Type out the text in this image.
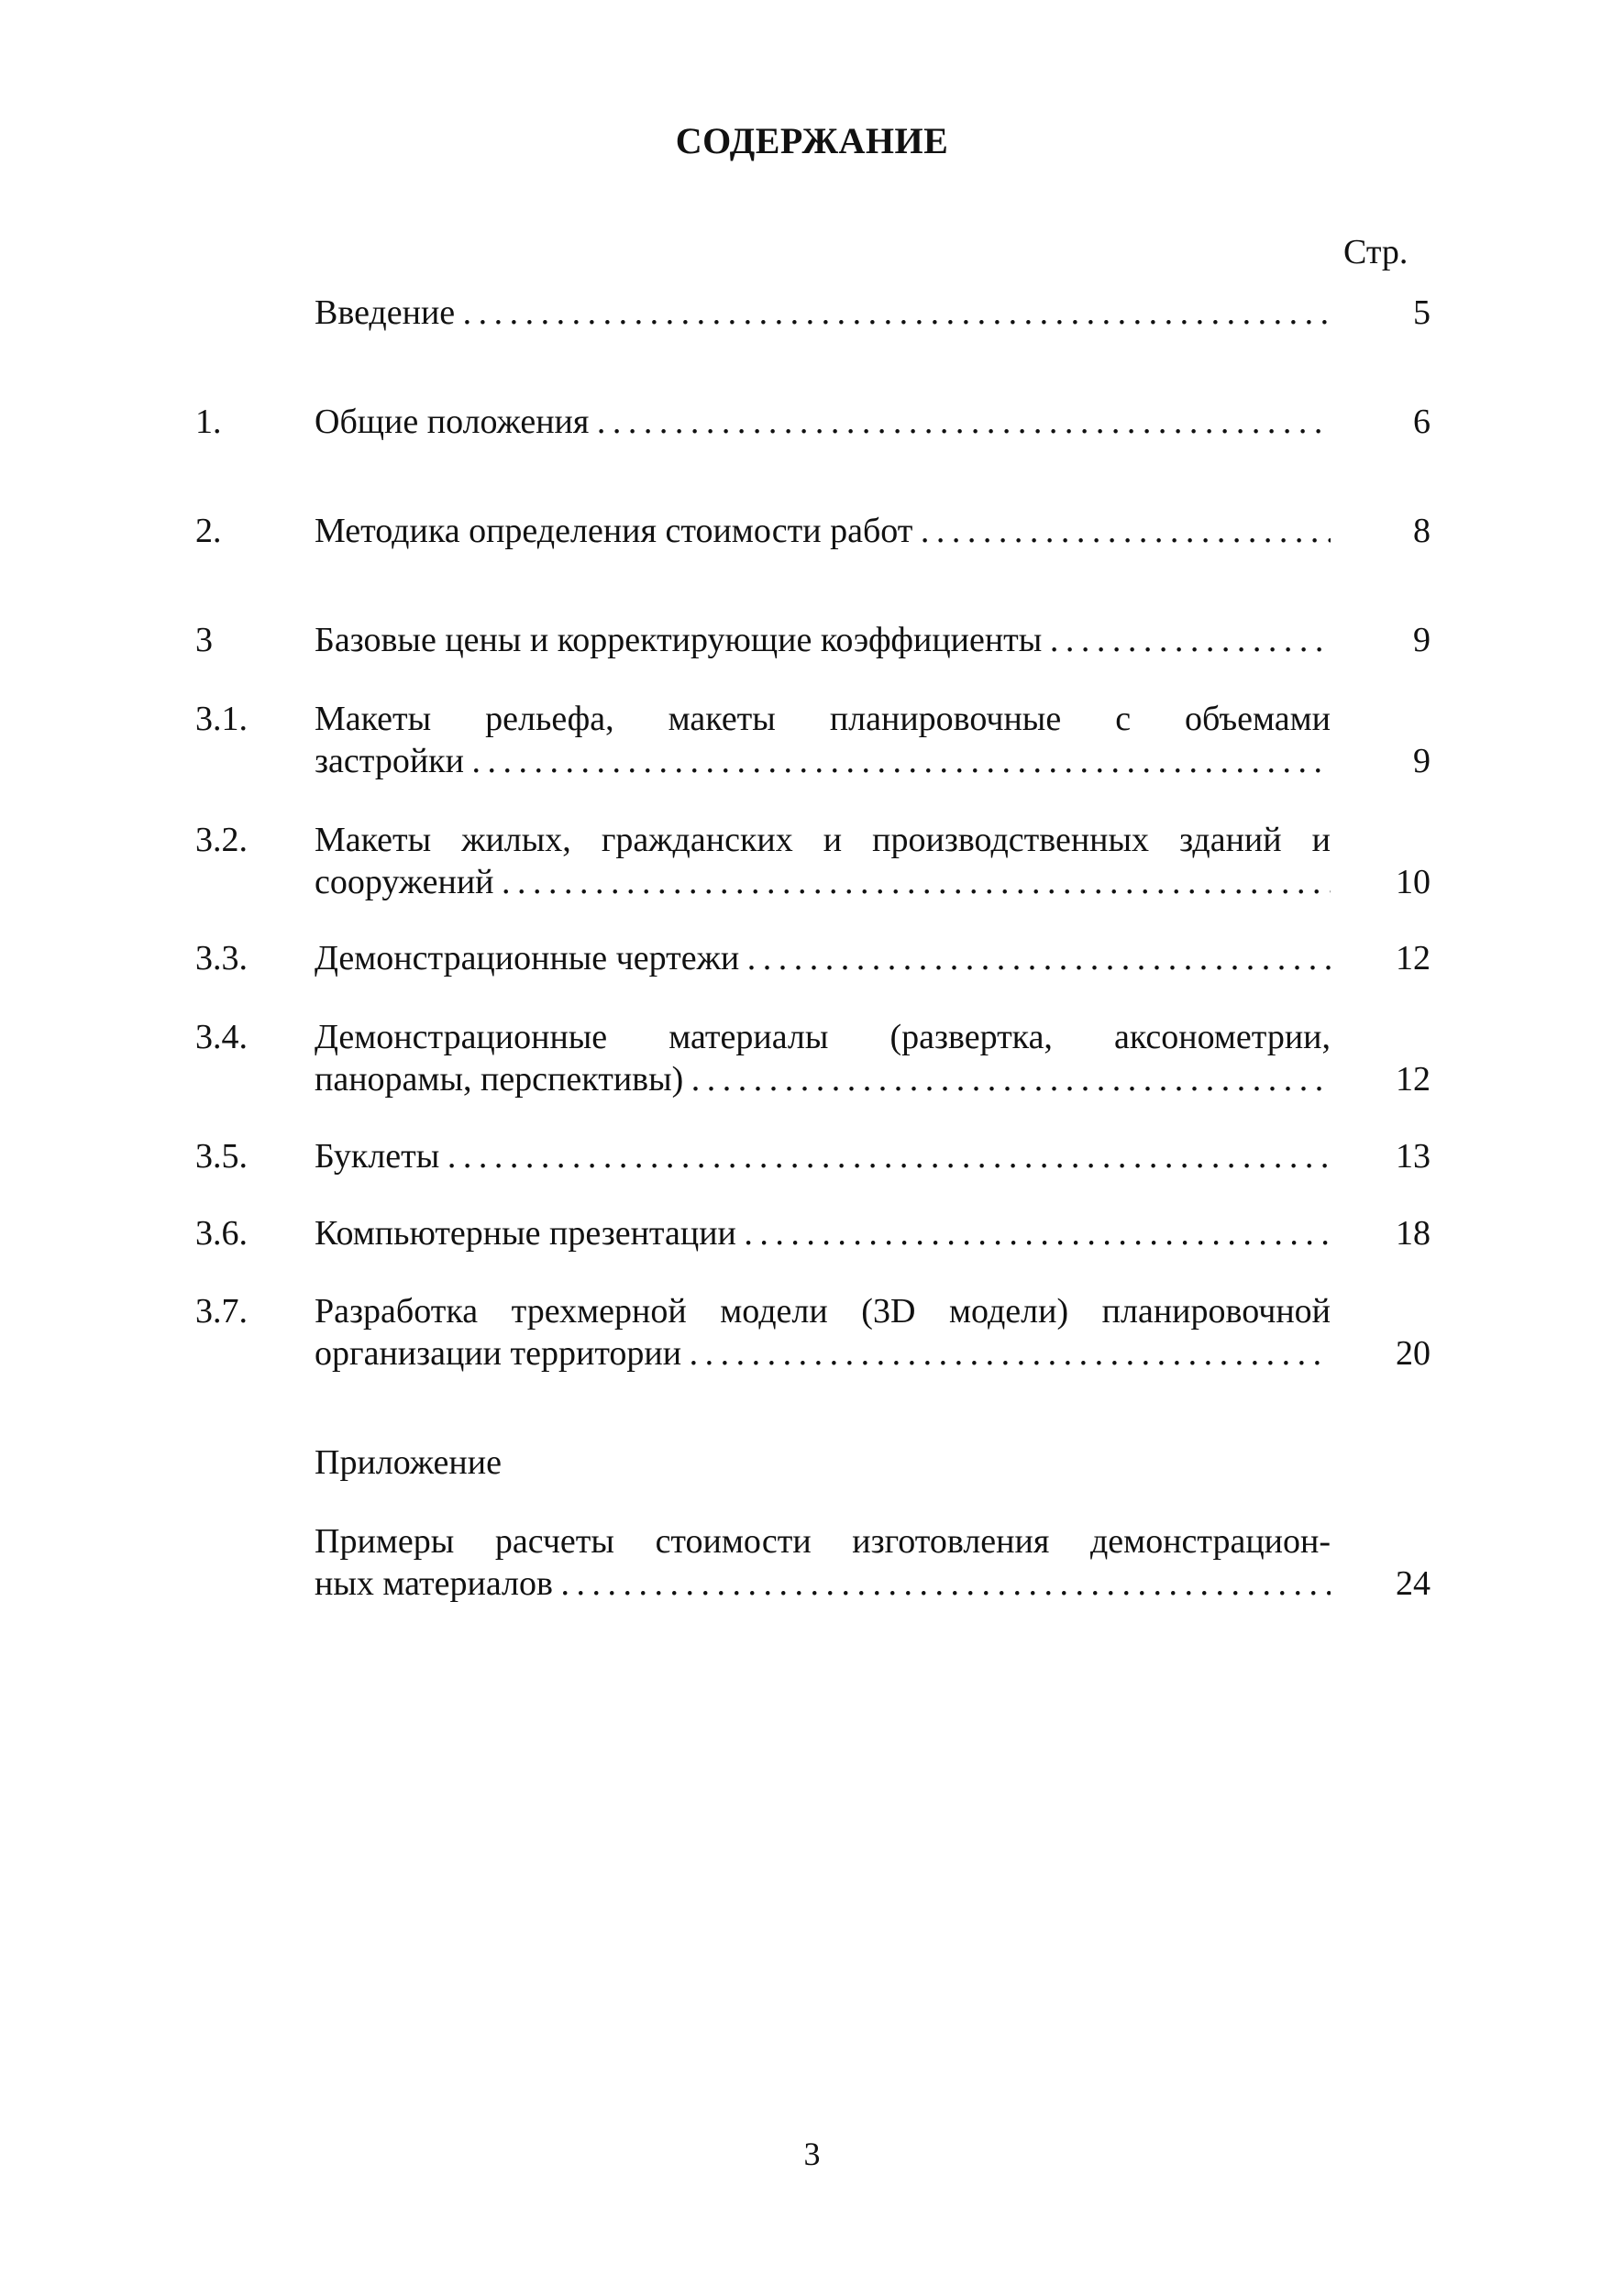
СОДЕРЖАНИЕ
Стр.
Введение . . .	5
1.	Общие положения . . .	6
2.	Методика определения стоимости работ . . .	8
3	Базовые цены и корректирующие коэффициенты . . .	9
3.1. Макеты рельефа, макеты планировочные с объемами
застройки . . .	9
3.2. Макеты жилых, гражданских и производственных зданий и
сооружений . . .	10
3.3. Демонстрационные чертежи . . .	12
3.4. Демонстрационные материалы (развертка, аксонометрии,
панорамы, перспективы) . . .	12
3.5. Буклеты . . .	13
3.6. Компьютерные презентации . . .	18
3.7. Разработка трехмерной модели (3D модели) планировочной
организации территории . . .	20
Приложение
Примеры расчеты стоимости изготовления демонстрацион-
ных материалов . . .	24
3
